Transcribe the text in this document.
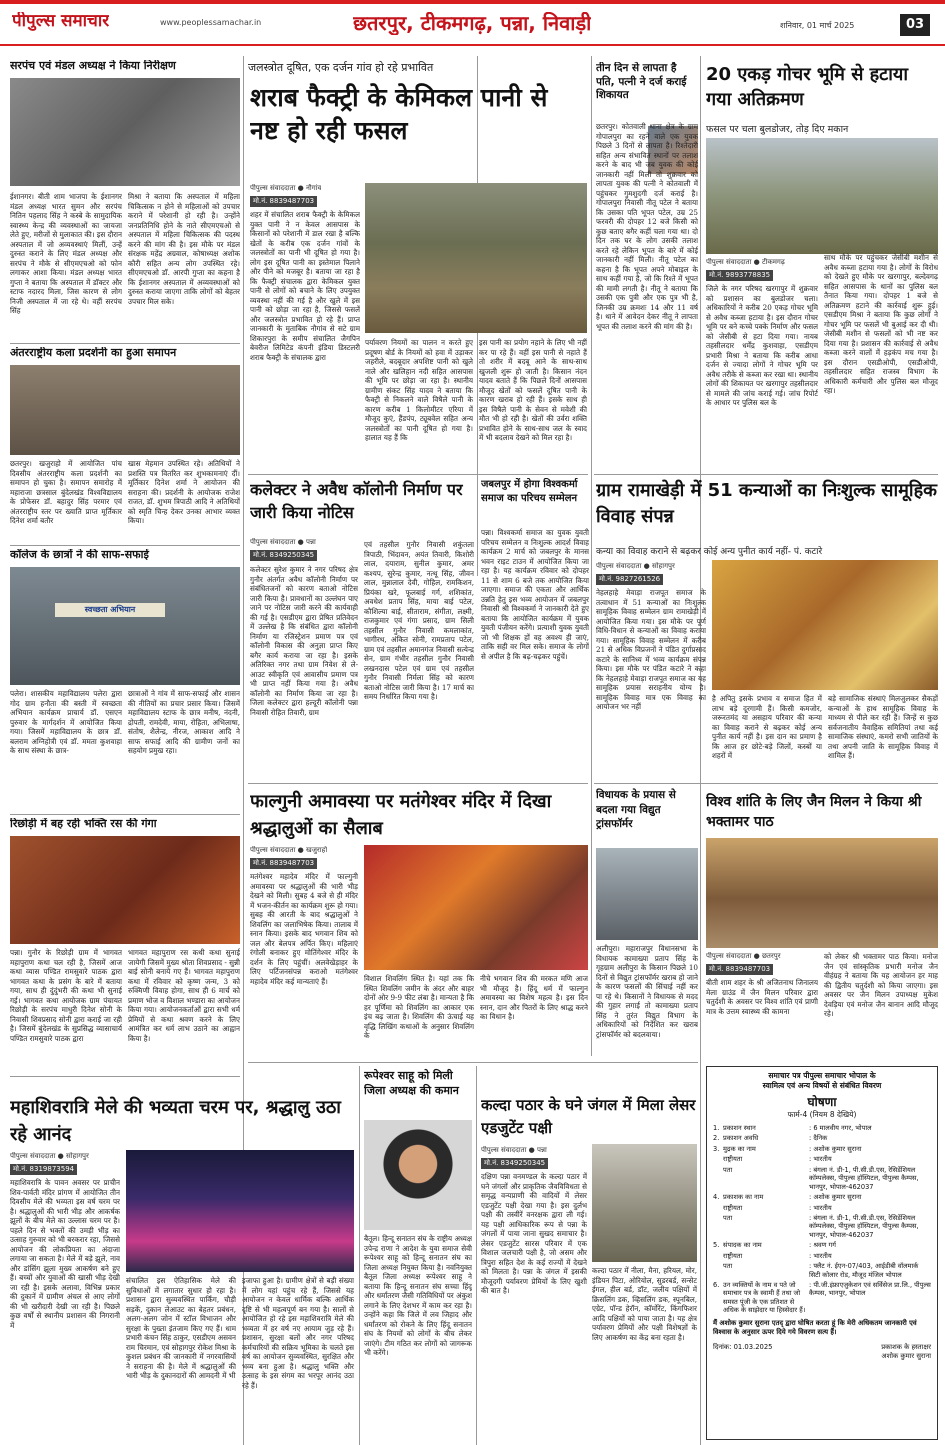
पीपुल्स समाचार	www.peoplessamachar.in	छतरपुर, टीकमगढ़, पन्ना, निवाड़ी	शनिवार, 01 मार्च 2025	03
सरपंच एवं मंडल अध्यक्ष ने किया निरीक्षण
ईशानगर। बीती शाम भाजपा के ईशानगर मंडल अध्यक्ष भारत सुमन और सरपंच नितिन पहलाद सिंह ने कस्बे के सामुदायिक स्वास्थ्य केन्द्र की व्यवस्थाओं का जायजा लेते हुए, मरीजों से मुलाकात की। इस दौरान अस्पताल में जो अव्यवस्थाएं मिलीं, उन्हें दुरुस्त कराने के लिए मंडल अध्यक्ष और सरपंच ने मौके से सीएमएचओ को फोन लगाकर आशा किया। मंडल अध्यक्ष भारत गुप्ता ने बताया कि अस्पताल में डॉक्टर और स्टाफ नदारद मिला, जिस कारण से लोग निजी अस्पताल में जा रहे थे। वहीं सरपंच सिंह
मिश्रा ने बताया कि अस्पताल में महिला चिकित्सक न होने से महिलाओं को उपचार कराने में परेशानी हो रही है। उन्होंने जनप्रतिनिधि होने के नाते सीएमएचओ से अस्पताल में महिला चिकित्सक की पदस्थ करने की मांग की है। इस मौके पर मंडल संरक्षक महेंद्र अग्रवाल, कोषाध्यक्ष अशोक कौरी सहित अन्य लोग उपस्थित रहे। सीएमएचओ डॉ. आरपी गुप्ता का कहना है कि ईशानगर अस्पताल में अव्यवस्थाओं को दुरुस्त कराया जाएगा ताकि लोगों को बेहतर उपचार मिल सके।
अंतरराष्ट्रीय कला प्रदर्शनी का हुआ समापन
छतरपुर। खजुराहो में आयोजित पांच दिवसीय अंतरराष्ट्रीय कला प्रदर्शनी का समापन हो चुका है। समापन समारोह में महाराजा छत्रसाल बुंदेलखंड विश्वविद्यालय के प्रोफेसर डॉ. बहादुर सिंह परमार एवं अंतरराष्ट्रीय स्तर पर ख्याति प्राप्त मूर्तिकार दिनेश शर्मा बतौर
खास मेहमान उपस्थित रहे। अतिथियों ने प्रशस्ति पत्र वितरित कर शुभकामनाएं दीं। मूर्तिकार दिनेश शर्मा ने आयोजन की सराहना की। प्रदर्शनी के आयोजक राजेश राजत, डॉ. शुभम त्रिपाठी आदि ने अतिथियों को स्मृति चिन्ह देकर उनका आभार व्यक्त किया।
कॉलेज के छात्रों ने की साफ-सफाई
स्वच्छता अभियान
पलेरा। शासकीय महाविद्यालय पलेरा द्वारा गोद ग्राम हनौता की बस्ती में स्वच्छता अभियान कार्यक्रम प्राचार्य डॉ. एसएन पुरुवार के मार्गदर्शन में आयोजित किया गया। जिसमें महाविद्यालय के छात्र डॉ. बलराम अग्निहोत्री एवं डॉ. ममता कुशवाहा के साथ संस्था के छात्र-
छात्राओं ने गांव में साफ-सफाई और शासन की नीतियों का प्रचार प्रसार किया। जिसमें महाविद्यालय स्टाफ के छात्र मनीष, नंदनी, द्रोपती, रामदेवी, माया, रोहिता, अभिलाषा, संतोष, शैलेन्द्र, नीरज, आकाश आदि ने साफ सफाई आदि की ग्रामीण जनों का सहयोग प्रमुख रहा।
रिछोड़ी में बह रही भक्ति रस की गंगा
पन्ना। गुनौर के रिछोड़ी ग्राम में भागवत महापुराण कथा चल रही है, जिसमें आज कथा व्यास पण्डित रामसुवारे पाठक द्वारा भागवत कथा के प्रसंग के बारे में बताया गया, साथ ही दुंदुंभरी की कथा भी सुनाई गई। भागवत कथा आयोजक ग्राम पंचायत रिछोड़ी के सरपंच माधुरी दिनेश सोनी के निवासी शिवप्रसाद सोनी द्वारा कराई जा रही है। जिसमें बुंदेलखंड के सुप्रसिद्ध व्यासाचार्य पण्डित रामसुवारे पाठक द्वारा
भागवत महापुराण रस कथी कथा सुनाई जायेगी जिसमें मुख्य श्रोता शिवप्रसाद - सुन्नी बाई सोनी बनाये गए हैं। भागवत महापुराण कथा में रविवार को कृष्ण जन्म, 3 को रुक्मिणी विवाह होगा, साथ ही 6 मार्च को प्रमाण भोज व विशाल भण्डारा का आयोजन किया गया। आयोजनकर्ताओं द्वारा सभी धर्म प्रेमियों से कथा श्रवण करने के लिए आमंत्रित कर धर्म लाभ उठाने का आह्वान किया है।
जलस्त्रोत दूषित, एक दर्जन गांव हो रहे प्रभावित
शराब फैक्ट्री के केमिकल पानी से नष्ट हो रही फसल
पीपुल्स संवाददाता ● नौगांव
मो.नं. 8839487703
शहर में संचालित शराब फैक्ट्री के केमिकल युक्त पानी ने न केवल आसपास के किसानों को परेशानी में डाल रखा है बल्कि खेतों के करीब एक दर्जन गांवों के जलस्त्रोतों का पानी भी दूषित हो गया है। लोग इस दूषित पानी का इस्तेमाल पिलाने और पीने को मजबूर है। बताया जा रहा है कि फैक्ट्री संचालक द्वारा केमिकल युक्त पानी से लोगों को बचाने के लिए उपयुक्त व्यवस्था नहीं की गई है और खुले में इस पानी को छोड़ा जा रहा है, जिससे फसलें और जलस्त्रोत प्रभावित हो रहे हैं। प्राप्त जानकारी के मुताबिक नौगांव से सटे ग्राम शिकारपुरा के समीप संचालित जैगपिन बेवरीज लिमिटेड कंपनी इंडिया डिस्टलरी शराब फैक्ट्री के संचालक द्वारा
पर्यावरण नियमों का पालन न करते हुए प्रदूषण बोर्ड के नियमों को हवा में उड़ाकर जहरीले, बदबूदार अपशिष्ट पानी को खुले नाले और खलिहान नदी सहित आसपास की भूमि पर छोड़ा जा रहा है। स्थानीय ग्रामीण संकट सिंह यादव ने बताया कि फैक्ट्री से निकलने वाले विषैले पानी के कारण करीब 1 किलोमीटर एरिया में मौजूद कुएं, हैंडपंप, ट्यूबवेल सहित अन्य जलस्त्रोतों का पानी दूषित हो गया है। हालात यह हैं कि
इस पानी का प्रयोग नहाने के लिए भी नहीं कर पा रहे हैं। वहीं इस पानी से नहाते हैं तो शरीर में बदबू आने के साथ-साथ खुजली शुरू हो जाती है। किसान नंदन यादव बताते हैं कि पिछले दिनों आसपास मौजूद खेतों को फसलें दूषित पानी के कारण खराब हो रही हैं। इसके साथ ही इस विषैले पानी के सेवन से मवेशी की मौत भी हो रही है। खेतों की उर्वरा शक्ति प्रभावित होने के साथ-साथ जल के स्वाद में भी बदलाव देखने को मिल रहा है।
कलेक्टर ने अवैध कॉलोनी निर्माण पर जारी किया नोटिस
पीपुल्स संवाददाता ● पन्ना
मो.नं. 8349250345
कलेक्टर सुरेश कुमार ने नगर परिषद क्षेत्र गुनौर अंतर्गत अवैध कॉलोनी निर्माण पर संबंधितजनों को कारण बताओ नोटिस जारी किया है। प्रावधानों का उल्लंघन पाए जाने पर नोटिस जारी करने की कार्यवाही की गई है। एसडीएम द्वारा प्रेषित प्रतिवेदन में उल्लेख है कि संबंधित द्वारा कॉलोनी निर्माण या रजिस्ट्रेशन प्रमाण पत्र एवं कॉलोनी विकास की अनुज्ञा प्राप्त किए बगैर कार्य कराया जा रहा है। इसके अतिरिक्त नगर तथा ग्राम निवेश से ले-आउट स्वीकृति एवं आवासीय प्रमाण पत्र भी प्राप्त नहीं किया गया है। अवैध कॉलोनी का निर्माण किया जा रहा है। जिला कलेक्टर द्वारा हल्दूरी कॉलोनी पन्ना निवासी रोहित तिवारी, ग्राम
एवं तहसील गुनौर निवासी शकुंतला त्रिपाठी, भिंदावन, अयंत तिवारी, किशोरी लाल, दयाराम, सुनील कुमार, अमर कश्यप, सुरेन्द्र कुमार, नत्थू सिंह, जीवन लाल, मुन्नालाल देवी, गोहिल, रामकिशन, प्रियंका खरे, फूलबाई गर्ग, शशिकांत, अवधेश प्रताप सिंह, माया बाई पटेल, कौशिल्या बाई, सीताराम, संगीता, लक्ष्मी, राजकुमार एवं गंगा प्रसाद, ग्राम सिली तहसील गुनौर निवासी कमलाकांत, भागीरथ, अंकित सोनी, रामप्रताप पटेल, ग्राम एवं तहसील अमानगंज निवासी सत्येन्द्र सेन, ग्राम गंभीर तहसील गुनौर निवासी लखनदास पटेल एवं ग्राम एवं तहसील गुनौर निवासी निर्मला सिंह को कारण बताओ नोटिस जारी किया है। 17 मार्च का समय निर्धारित किया गया है।
जबलपुर में होगा विश्वकर्मा समाज का परिचय सम्मेलन
पन्ना। विश्वकर्मा समाज का युवक युवती परिचय सम्मेलन व निःशुल्क आदर्श विवाह कार्यक्रम 2 मार्च को जबलपुर के मानस भवन राइट टाउन में आयोजित किया जा रहा है। यह कार्यक्रम रविवार को दोपहर 11 से शाम 6 बजे तक आयोजित किया जाएगा। समाज की एकता और आर्थिक उन्नति हेतु इस भव्य आयोजन में जबलपुर निवासी श्री विश्वकर्मा ने जानकारी देते हुए बताया कि आयोजित कार्यक्रम में युवक युवती पंजीयन करेंगे। प्रत्याशी युवक युवती जो भी शिक्षक हों वह अवश्य ही जाएं, ताकि सही वर मिल सके। समाज के लोगों से अपील है कि बढ़-चढ़कर पहुंचें।
फाल्गुनी अमावस्या पर मतंगेश्वर मंदिर में दिखा श्रद्धालुओं का सैलाब
पीपुल्स संवाददाता ● खजुराहो
मो.नं. 8839487703
मतंगेश्वर महादेव मंदिर में फाल्गुनी अमावस्या पर श्रद्धालुओं की भारी भीड़ देखने को मिली। सुबह 4 बजे से ही मंदिर में भजन-कीर्तन का कार्यक्रम शुरू हो गया। सुबह की आरती के बाद श्रद्धालुओं ने शिवलिंग का जलाभिषेक किया। तालाब में स्नान किया। इसके बाद भगवान शिव को जल और बेलपत्र अर्पित किए। महिलाएं रंगोली बनाकर हुए मोतिंगेश्वर मंदिर के दर्शन के लिए पहुंचीं। अलवेखेड़ाहर के लिए पर्टिजनसंपन्न कराओ मतंगेश्वर महादेव मंदिर कई मान्यताएं हैं।	विशाल शिवलिंग स्थित है। यहां तक कि स्थित शिवलिंग जमीन के अंदर और बाहर दोनों ओर 9-9 फीट लंबा है। मान्यता है कि हर पूर्णिमा को शिवलिंग का आकार एक इंच बढ़ जाता है। शिवलिंग की ऊंचाई यह वृद्धि लिखिंग कथाओं के अनुसार शिवलिंग के
नीचे भगवान शिव की मरकत मणि आज भी मौजूद है। हिंदू धर्म में फाल्गुन अमावस्या का विशेष महत्व है। इस दिन स्नान, दान और पितरों के लिए श्राद्ध करने का विधान है।
तीन दिन से लापता है पति, पत्नी ने दर्ज कराई शिकायत
छतरपुर। कोतवाली थाना क्षेत्र के ग्राम गोपालपुरा का रहने वाले एक युवक पिछले 3 दिनों से लापता है। रिश्तेदारी सहित अन्य संभावित स्थानों पर तलाश करने के बाद भी जब युवक की कोई जानकारी नहीं मिली तो शुक्रवार को लापता युवक की पत्नी ने कोतवाली में पहुंचकर गुमशुदगी दर्ज कराई है। गोपालपुरा निवासी नीतू पटेल ने बताया कि उसका पति भूपत पटेल, उम्र 25 फरवरी की दोपहर 12 बजे किसी को कुछ बताए बगैर कहीं चला गया था। दो दिन तक घर के लोग उसकी तलाश करते रहे लेकिन भूपत के बारे में कोई जानकारी नहीं मिली। नीतू पटेल का कहना है कि भूपत अपने मोबाइल के साथ कहीं गया है, जो कि रिश्ते में भूपत की मामी लगती है। नीतू ने बताया कि उसकी एक पुत्री और एक पुत्र भी है, जिनकी उम्र क्रमशः 14 और 11 वर्ष है। थाने में आवेदन देकर नीतू ने लापता भूपत की तलाश करने की मांग की है।
20 एकड़ गोचर भूमि से हटाया गया अतिक्रमण
फसल पर चला बुलडोजर, तोड़ दिए मकान
पीपुल्स संवाददाता ● टीकमगढ़
मो.नं. 9893778835
जिले के नगर परिषद खरगापुर में शुक्रवार को प्रशासन का बुलडोजर चला। अधिकारियों ने करीब 20 एकड़ गोचर भूमि से अवैध कब्जा हटाया है। इस दौरान गोचर भूमि पर बने कच्चे पक्के निर्माण और फसल को जेसीबी से हटा दिया गया। नायब तहसीलदार धर्मेंद्र कुशवाहा, एसडीएम प्रभारी मिश्रा ने बताया कि करीब आधा दर्जन से ज्यादा लोगों ने गोचर भूमि पर अवैध तरीके से कब्जा कर रखा था। स्थानीय लोगों की शिकायत पर खरगापुर तहसीलदार से मामले की जांच कराई गई। जांच रिपोर्ट के आधार पर पुलिस बल के
साथ मौके पर पहुंचकर जेसीबी मशीन से अवैध कब्जा हटाया गया है। लोगों के विरोध को देखते हुए मौके पर खरगापुर, बल्देवगढ़ सहित आसपास के थानों का पुलिस बल तैनात किया गया। दोपहर 1 बजे से अतिक्रमण हटाने की कार्रवाई शुरू हुई। एसडीएम मिश्रा ने बताया कि कुछ लोगों ने गोचर भूमि पर फसलें भी बुआई कर दी थी। जेसीबी मशीन से फसलों को भी नष्ट कर दिया गया है। प्रशासन की कार्रवाई से अवैध कब्जा करने वालों में हड़कंप मच गया है। इस दौरान एसडीओपी, एसडीओपी, तहसीलदार सहित राजस्व विभाग के अधिकारी कर्मचारी और पुलिस बल मौजूद रहा।
ग्राम रामाखेड़ी में 51 कन्याओं का निःशुल्क सामूहिक विवाह संपन्न
कन्या का विवाह कराने से बढ़कर कोई अन्य पुनीत कार्य नहीं- पं. कटारे
पीपुल्स संवाददाता ● सोहागपुर
मो.नं. 9827261526
नेहलहाहे मेवाड़ा राजपूत समाज के तत्वाधान में 51 कन्याओं का निःशुल्क सामूहिक विवाह सम्मेलन ग्राम रामाखेड़ी में आयोजित किया गया। इस मौके पर पूर्ण विधि-विधान से कन्याओं का विवाह कराया गया। सामूहिक विवाह सम्मेलन में करीब 21 से अधिक विप्रजनों ने पंडित दुर्गाप्रसाद कटारे के सानिध्य में भव्य कार्यक्रम संपन्न किया। इस मौके पर पंडित कटारे ने कहा कि नेहलहाहे मेवाड़ा राजपूत समाज का यह सामूहिक प्रयास सराहनीय योग्य है। सामूहिक विवाह मात्र एक विवाह का आयोजन भर नहीं
है अपितु इसके प्रभाव व समाज हित में लाभ बड़े दूरगामी हैं। किसी कमजोर, जरूरतमंद या असहाय परिवार की कन्या का विवाह कराने से बढ़कर कोई अन्य पुनीत कार्य नहीं है। इस दान का प्रमाण है कि आज हर छोटे-बड़े जिलों, कस्बों या शहरों में
बड़े सामाजिक संस्थाएं मिलजुलकर सैकड़ों कन्याओं के हाथ सामूहिक विवाह के माध्यम से पीले कर रही हैं। जिन्हें स कुछ सर्वजनातीय वैवाहिक समितियां तथा कई सामाजिक संस्थाएं, कमरो सभी जातियों के तथा अपनी जाति के सामूहिक विवाह में शामिल हैं।
विधायक के प्रयास से बदला गया विद्युत ट्रांसफॉर्मर
अलीपुरा। महाराजपुर विधानसभा के विधायक कामाख्या प्रताप सिंह के गृहग्राम अलीपुरा के किसान पिछले 10 दिनों से विद्युत ट्रांसफॉर्मर खराब हो जाने के कारण फसलों की सिंचाई नहीं कर पा रहे थे। किसानों ने विधायक से मदद की गुहार लगाई तो कामाख्या प्रताप सिंह ने तुरंत विद्युत विभाग के अधिकारियों को निर्देशित कर खराब ट्रांसफॉर्मर को बदलवाया।
विश्व शांति के लिए जैन मिलन ने किया श्री भक्तामर पाठ
पीपुल्स संवाददाता ● छतरपुर
मो.नं. 8839487703
बीती शाम शहर के श्री अजितनाथ जिनालय मेला ग्राउंड में जैन मिलन परिवार द्वारा चतुर्दशी के अवसर पर विश्व शांति एवं प्राणी मात्र के उत्तम स्वास्थ्य की कामना
को लेकर श्री भक्तामर पाठ किया। मनोज जैन एवं सांस्कृतिक प्रभारी मनोज जैन वीहंग्रह ने बताया कि यह आयोजन हर माह की द्वितीय चतुर्दशी को किया जाएगा। इस अवसर पर जैन मिलन उपाध्यक्ष मुकेश देवड़िया एवं मनोज जैन बानान आदि मौजूद रहे।
महाशिवरात्रि मेले की भव्यता चरम पर, श्रद्धालु उठा रहे आनंद
पीपुल्स संवाददाता ● सोहागपुर
मो.नं. 8319873594
महाशिवरात्रि के पावन अवसर पर प्राचीन शिव-पार्वती मंदिर प्रांगण में आयोजित तीन दिवसीय मेले की भव्यता इस वर्ष चरम पर है। श्रद्धालुओं की भारी भीड़ और आकर्षक झूलों के बीच मेले का उल्लास चरम पर है। पहले दिन से भक्तों की उमड़ी भीड़ का उत्साह गुरुवार को भी बरकरार रहा, जिससे आयोजन की लोकप्रियता का अंदाजा लगाया जा सकता है। मेले में बड़े झूले, नाव और डांसिंग झूला मुख्य आकर्षण बने हुए हैं। बच्चों और युवाओं की खासी भीड़ देखी जा रही है। इसके अलावा, विभिन्न प्रकार की दुकानें में ग्रामीण अंचल से आए लोगों की भी खरीदारी देखी जा रही है। पिछले कुछ वर्षों से स्थानीय प्रशासन की निगरानी में
संचालित इस ऐतिहासिक मेले की सुविधाओं में लगातार सुधार हो रहा है। प्रशासन द्वारा सुव्यवस्थित पार्किंग, चौड़ी सड़कें, दुकान लेआउट का बेहतर प्रबंधन, अलग-अलग जोन में स्टॉल विभाजन और सुरक्षा के पुख्ता इंतजाम किए गए हैं। धाम प्रभारी कंचन सिंह ठाकुर, एसडीएम असवन राम चिरमान, एवं सोहागपुर रोकेश मिश्रा के कुशल प्रबंधन की जानकारी में नगरवासियों ने सराहना की है। मेले में श्रद्धालुओं की भारी भीड़ के दुकानदारों की आमदनी में भी
इजाफा हुआ है। ग्रामीण क्षेत्रों से बड़ी संख्या में लोग यहां पहुंच रहे हैं, जिससे यह आयोजन न केवल धार्मिक बल्कि आर्थिक दृष्टि से भी महत्वपूर्ण बन गया है। सालों से आयोजित हो रहे इस महाशिवरात्रि मेले की भव्यता में हर वर्ष नए आयाम जुड़ रहे हैं। प्रशासन, सुरक्षा बलों और नगर परिषद कर्मचारियों की सक्रिय भूमिका के चलते इस वर्ष का आयोजन सुव्यवस्थित, सुरक्षित और भव्य बना हुआ है। श्रद्धालु भक्ति और उत्साह के इस संगम का भरपूर आनंद उठा रहे हैं।
रूपेश्वर साहू को मिली जिला अध्यक्ष की कमान
बैतूल। हिन्दू सनातन संघ के राष्ट्रीय अध्यक्ष उपेन्द्र राणा ने आदेश के युवा समाज सेवी रूपेश्वर साहू को हिन्दू सनातन संघ का जिला अध्यक्ष नियुक्त किया है। नवनियुक्त बैतूल जिला अध्यक्ष रूपेश्वर साहू ने बताया कि हिन्दू सनातन संघ सच्चा हिंदू और धर्मांतरण जैसी गतिविधियों पर अंकुश लगाने के लिए देशभर में काम कर रहा है। उन्होंने कहा कि जिले में लव जिहाद और धर्मांतरण को रोकने के लिए हिंदू सनातन संघ के नियमों को लोगों के बीच लेकर जाएंगे। टीम गठित कर लोगों को जागरूक भी करेंगे।
कल्दा पठार के घने जंगल में मिला लेसर एडजुटेंट पक्षी
पीपुल्स संवाददाता ● पन्ना
मो.नं. 8349250345
दक्षिण पन्ना वनमण्डल के कल्दा पठार में घने जंगलों और प्राकृतिक जैवविविधता से समृद्ध वन्यप्राणी की वादियों में लेसर एडजुटेंट पक्षी देखा गया है। इस दुर्लभ पक्षी की तस्वीरें वनरक्षक द्वारा ली गई। यह पक्षी आधिकारिक रूप से पन्ना के जंगलों में पाया जाना सुखद समाचार है। लेसर एडजुटेंट सारस परिवार में एक विशाल जलचारी पक्षी है, जो असम और त्रिपुरा सहित देश के कई राज्यों में देखने को मिलता है। पन्ना के जंगल में इसकी मौजूदगी पर्यावरण प्रेमियों के लिए खुशी की बात है।
कल्दा पठार में नीला, मैना, हरियल, मोर, इंडियन पिटा, ओरियोल, सुडरबर्ड, सन्सेट ईगल, हील बर्ड, डॉट, जलीय पक्षियों में क्रिसलिंग डक, व्हिसलिंग डक, स्पूनबिल, एग्रेट, पॉन्ड हेरॉन, कॉर्मोरेंट, किंगफिशर आदि पक्षियों को पाया जाता है। यह क्षेत्र पर्यावरण प्रेमियों और पक्षी विशेषज्ञों के लिए आकर्षण का केंद्र बना रहता है।
समाचार पत्र पीपुल्स समाचार भोपाल के
स्वामित्व एवं अन्य विषयों से संबंधित विवरण
घोषणा
फार्म-4 (नियम 8 देखिये)
1. प्रकाशन स्थान	: 6 मालवीय नगर, भोपाल
2. प्रकाशन अवधि	: दैनिक
3. मुद्रक का नाम	: अशोक कुमार सुराना
राष्ट्रीयता	: भारतीय
पता	: बंगला नं. डी-1, पी.सी.डी.एस, रेसिडेंशियल कॉम्पलेक्स, पीपुल्स हॉस्पिटल, पीपुल्स कैम्पस, भानपुर, भोपाल-462037
4. प्रकाशक का नाम	: अशोक कुमार सुराना
राष्ट्रीयता	: भारतीय
पता	: बंगला नं. डी-1, पी.सी.डी.एस, रेसिडेंशियल कॉम्पलेक्स, पीपुल्स हॉस्पिटल, पीपुल्स कैम्पस, भानपुर, भोपाल-462037
5. संपादक का नाम	: श्रवण गर्ग
राष्ट्रीयता	: भारतीय
पता	: फ्लैट नं. ईएन-07/403, आईडीबी वॉलमार्क सिटी कोलार रोड, मौजूद मंजिल भोपाल
6. उन व्यक्तियों के नाम व पते जो समाचार पत्र के स्वामी हैं तथा जो समस्त पूंजी के एक प्रतिशत से अधिक के साझेदार या हिस्सेदार हैं।
: पी.जी.इंफ्राएजुकेशन एवं सर्विसेज प्रा.लि., पीपुल्स कैम्पस, भानपुर, भोपाल
मैं अशोक कुमार सुराना एतद् द्वारा घोषित करता हूं कि मेरी अधिकतम जानकारी एवं विश्वास के अनुसार ऊपर दिये गये विवरण सत्य हैं।
दिनांक: 01.03.2025	प्रकाशक के हस्ताक्षर
अशोक कुमार सुराना
